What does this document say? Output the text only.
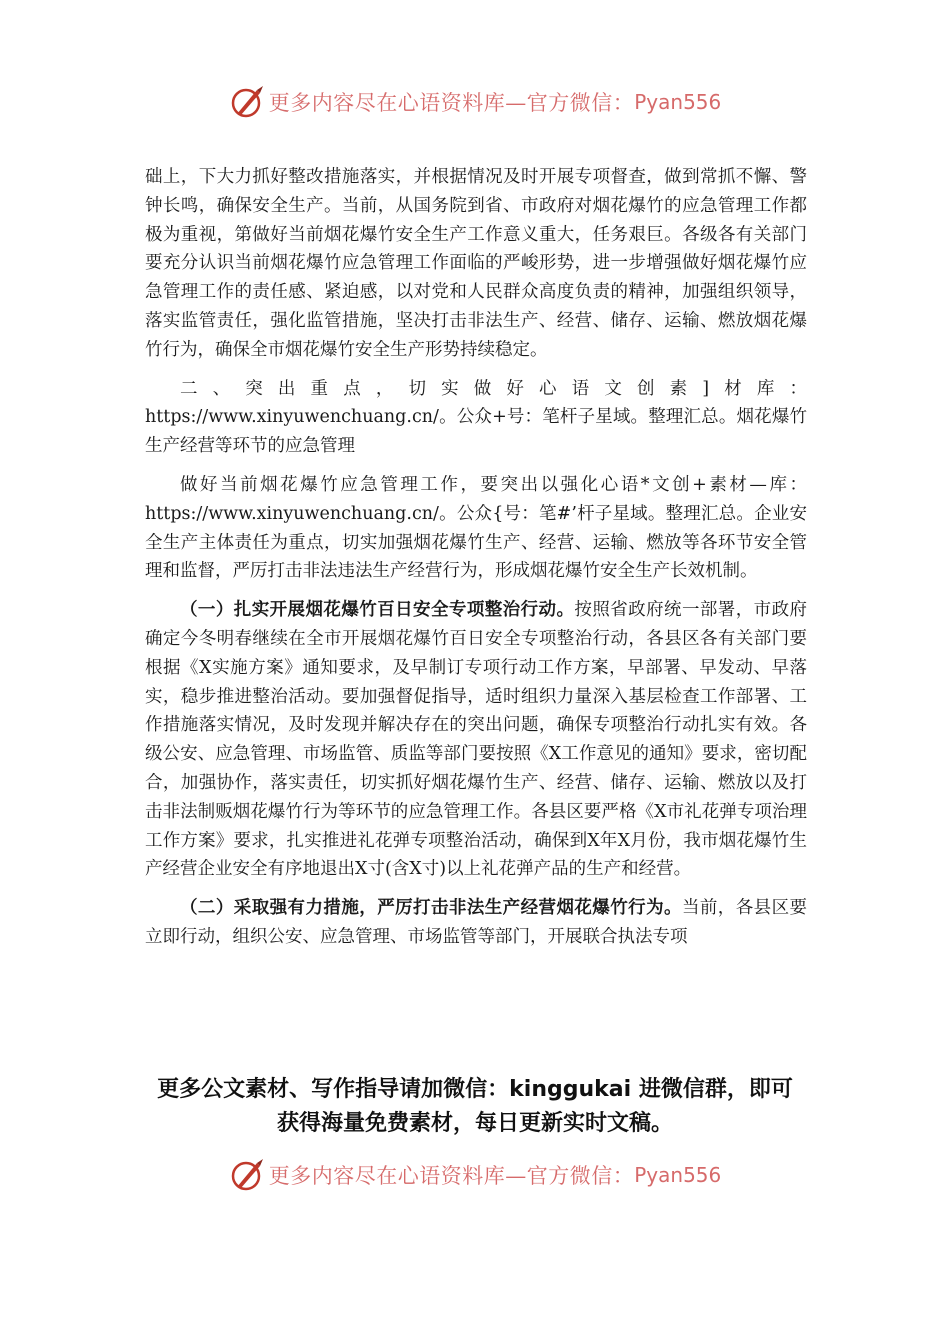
更多内容尽在心语资料库—官方微信： Pyan556

础上，下大力抓好整改措施落实，并根据情况及时开展专项督查，做到常抓不懈、警钟长鸣，确保安全生产。当前，从国务院到省、市政府对烟花爆竹的应急管理工作都极为重视，第做好当前烟花爆竹安全生产工作意义重大，任务艰巨。各级各有关部门要充分认识当前烟花爆竹应急管理工作面临的严峻形势，进一步增强做好烟花爆竹应急管理工作的责任感、紧迫感，以对党和人民群众高度负责的精神，加强组织领导，落实监管责任，强化监管措施，坚决打击非法生产、经营、储存、运输、燃放烟花爆竹行为，确保全市烟花爆竹安全生产形势持续稳定。

二、突出重点，切实做好心语文创素]材库：https://www.xinyuwenchuang.cn/。公众+号：笔杆子星域。整理汇总。烟花爆竹生产经营等环节的应急管理

做好当前烟花爆竹应急管理工作，要突出以强化心语*文创+素材—库：https://www.xinyuwenchuang.cn/。公众{号：笔#’杆子星域。整理汇总。企业安全生产主体责任为重点，切实加强烟花爆竹生产、经营、运输、燃放等各环节安全管理和监督，严厉打击非法违法生产经营行为，形成烟花爆竹安全生产长效机制。

（一）扎实开展烟花爆竹百日安全专项整治行动。按照省政府统一部署，市政府确定今冬明春继续在全市开展烟花爆竹百日安全专项整治行动，各县区各有关部门要根据《X实施方案》通知要求，及早制订专项行动工作方案，早部署、早发动、早落实，稳步推进整治活动。要加强督促指导，适时组织力量深入基层检查工作部署、工作措施落实情况，及时发现并解决存在的突出问题，确保专项整治行动扎实有效。各级公安、应急管理、市场监管、质监等部门要按照《X工作意见的通知》要求，密切配合，加强协作，落实责任，切实抓好烟花爆竹生产、经营、储存、运输、燃放以及打击非法制贩烟花爆竹行为等环节的应急管理工作。各县区要严格《X市礼花弹专项治理工作方案》要求，扎实推进礼花弹专项整治活动，确保到X年X月份，我市烟花爆竹生产经营企业安全有序地退出X寸(含X寸)以上礼花弹产品的生产和经营。

（二）采取强有力措施，严厉打击非法生产经营烟花爆竹行为。当前，各县区要立即行动，组织公安、应急管理、市场监管等部门，开展联合执法专项

更多公文素材、写作指导请加微信：kinggukai 进微信群，即可
获得海量免费素材，每日更新实时文稿。
更多内容尽在心语资料库—官方微信： Pyan556
